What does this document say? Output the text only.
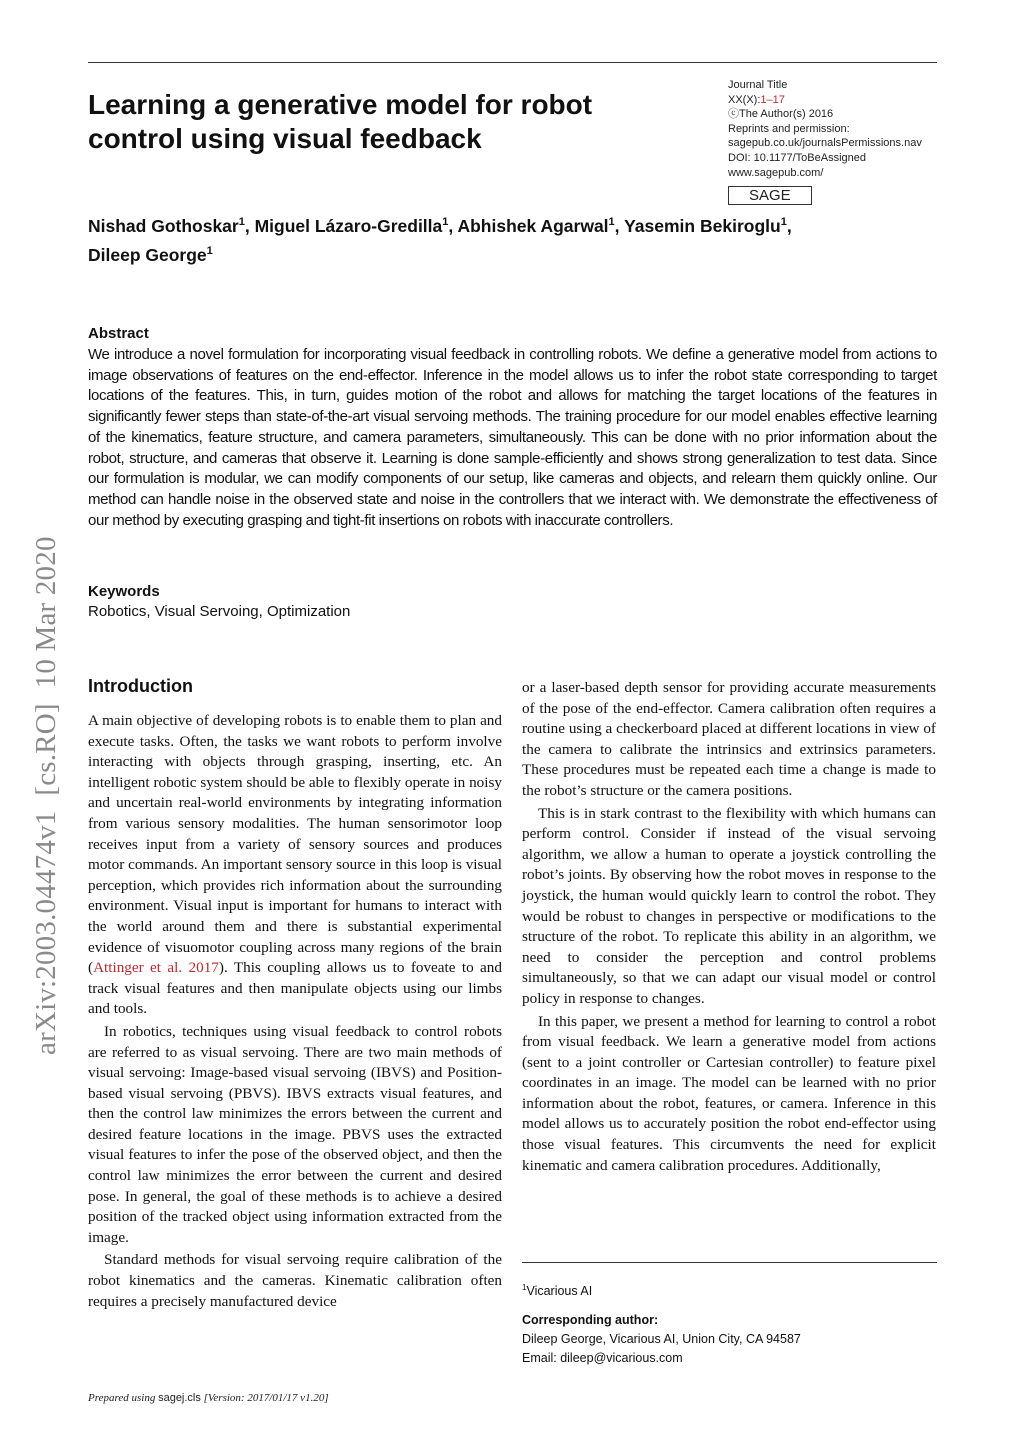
Learning a generative model for robot control using visual feedback
Journal Title
XX(X):1–17
ⓒThe Author(s) 2016
Reprints and permission:
sagepub.co.uk/journalsPermissions.nav
DOI: 10.1177/ToBeAssigned
www.sagepub.com/
SAGE
Nishad Gothoskar$^1$, Miguel Lázaro-Gredilla$^1$, Abhishek Agarwal$^1$, Yasemin Bekiroglu$^1$,
Dileep George$^1$
Abstract
We introduce a novel formulation for incorporating visual feedback in controlling robots. We define a generative model from actions to image observations of features on the end-effector. Inference in the model allows us to infer the robot state corresponding to target locations of the features. This, in turn, guides motion of the robot and allows for matching the target locations of the features in significantly fewer steps than state-of-the-art visual servoing methods. The training procedure for our model enables effective learning of the kinematics, feature structure, and camera parameters, simultaneously. This can be done with no prior information about the robot, structure, and cameras that observe it. Learning is done sample-efficiently and shows strong generalization to test data. Since our formulation is modular, we can modify components of our setup, like cameras and objects, and relearn them quickly online. Our method can handle noise in the observed state and noise in the controllers that we interact with. We demonstrate the effectiveness of our method by executing grasping and tight-fit insertions on robots with inaccurate controllers.
Keywords
Robotics, Visual Servoing, Optimization
arXiv:2003.04474v1  [cs.RO]  10 Mar 2020 Introduction

A main objective of developing robots is to enable them to plan and execute tasks. Often, the tasks we want robots to perform involve interacting with objects through grasping, inserting, etc. An intelligent robotic system should be able to flexibly operate in noisy and uncertain real-world environments by integrating information from various sensory modalities. The human sensorimotor loop receives input from a variety of sensory sources and produces motor commands. An important sensory source in this loop is visual perception, which provides rich information about the surrounding environment. Visual input is important for humans to interact with the world around them and there is substantial experimental evidence of visuomotor coupling across many regions of the brain (Attinger et al. 2017). This coupling allows us to foveate to and track visual features and then manipulate objects using our limbs and tools.

In robotics, techniques using visual feedback to control robots are referred to as visual servoing. There are two main methods of visual servoing: Image-based visual servoing (IBVS) and Position-based visual servoing (PBVS). IBVS extracts visual features, and then the control law minimizes the errors between the current and desired feature locations in the image. PBVS uses the extracted visual features to infer the pose of the observed object, and then the control law minimizes the error between the current and desired pose. In general, the goal of these methods is to achieve a desired position of the tracked object using information extracted from the image.

Standard methods for visual servoing require calibration of the robot kinematics and the cameras. Kinematic calibration often requires a precisely manufactured device

or a laser-based depth sensor for providing accurate measurements of the pose of the end-effector. Camera calibration often requires a routine using a checkerboard placed at different locations in view of the camera to calibrate the intrinsics and extrinsics parameters. These procedures must be repeated each time a change is made to the robot’s structure or the camera positions.

This is in stark contrast to the flexibility with which humans can perform control. Consider if instead of the visual servoing algorithm, we allow a human to operate a joystick controlling the robot’s joints. By observing how the robot moves in response to the joystick, the human would quickly learn to control the robot. They would be robust to changes in perspective or modifications to the structure of the robot. To replicate this ability in an algorithm, we need to consider the perception and control problems simultaneously, so that we can adapt our visual model or control policy in response to changes.

In this paper, we present a method for learning to control a robot from visual feedback. We learn a generative model from actions (sent to a joint controller or Cartesian controller) to feature pixel coordinates in an image. The model can be learned with no prior information about the robot, features, or camera. Inference in this model allows us to accurately position the robot end-effector using those visual features. This circumvents the need for explicit kinematic and camera calibration procedures. Additionally,

$^1$Vicarious AI
Corresponding author:
Dileep George, Vicarious AI, Union City, CA 94587
Email: dileep@vicarious.com
Prepared using sagej.cls [Version: 2017/01/17 v1.20]
